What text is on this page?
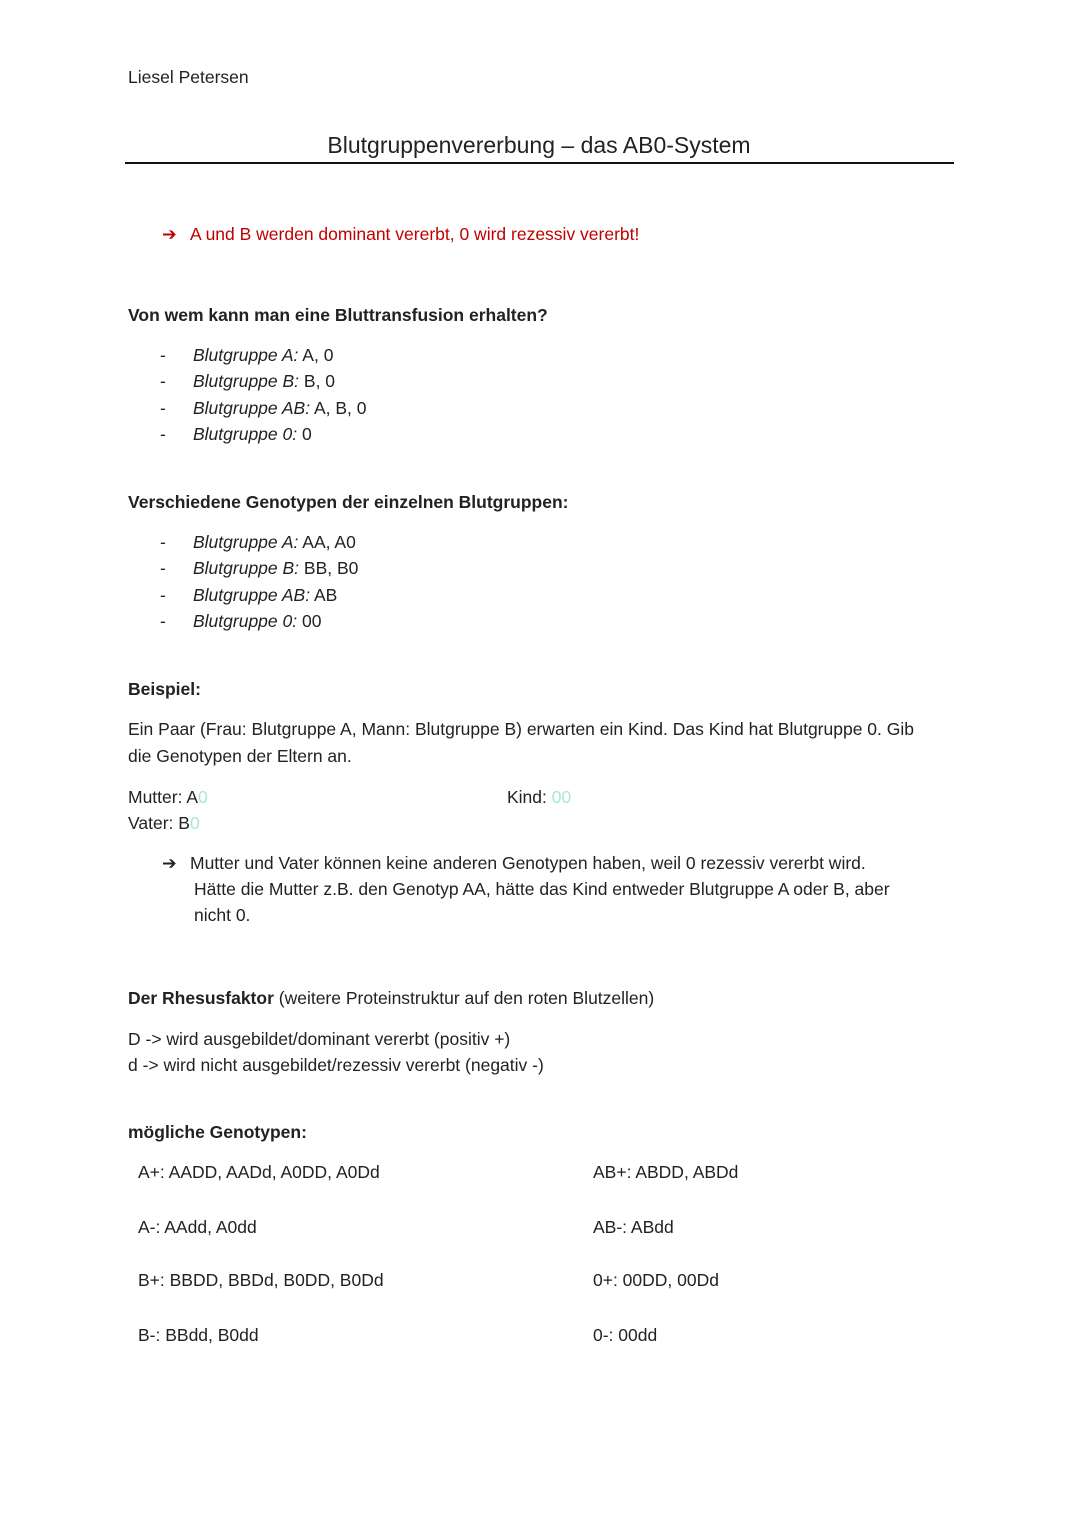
Liesel Petersen
Blutgruppenvererbung – das AB0-System
➔ A und B werden dominant vererbt, 0 wird rezessiv vererbt!
Von wem kann man eine Bluttransfusion erhalten?
- Blutgruppe A: A, 0
- Blutgruppe B: B, 0
- Blutgruppe AB: A, B, 0
- Blutgruppe 0: 0
Verschiedene Genotypen der einzelnen Blutgruppen:
- Blutgruppe A: AA, A0
- Blutgruppe B: BB, B0
- Blutgruppe AB: AB
- Blutgruppe 0: 00
Beispiel:
Ein Paar (Frau: Blutgruppe A, Mann: Blutgruppe B) erwarten ein Kind. Das Kind hat Blutgruppe 0. Gib
die Genotypen der Eltern an.
Mutter: A0	Kind: 00
Vater: B0
➔ Mutter und Vater können keine anderen Genotypen haben, weil 0 rezessiv vererbt wird.
Hätte die Mutter z.B. den Genotyp AA, hätte das Kind entweder Blutgruppe A oder B, aber
nicht 0.
Der Rhesusfaktor (weitere Proteinstruktur auf den roten Blutzellen)
D -> wird ausgebildet/dominant vererbt (positiv +)
d -> wird nicht ausgebildet/rezessiv vererbt (negativ -)
mögliche Genotypen:
A+: AADD, AADd, A0DD, A0Dd
A-: AAdd, A0dd
B+: BBDD, BBDd, B0DD, B0Dd
B-: BBdd, B0dd
AB+: ABDD, ABDd
AB-: ABdd
0+: 00DD, 00Dd
0-: 00dd
